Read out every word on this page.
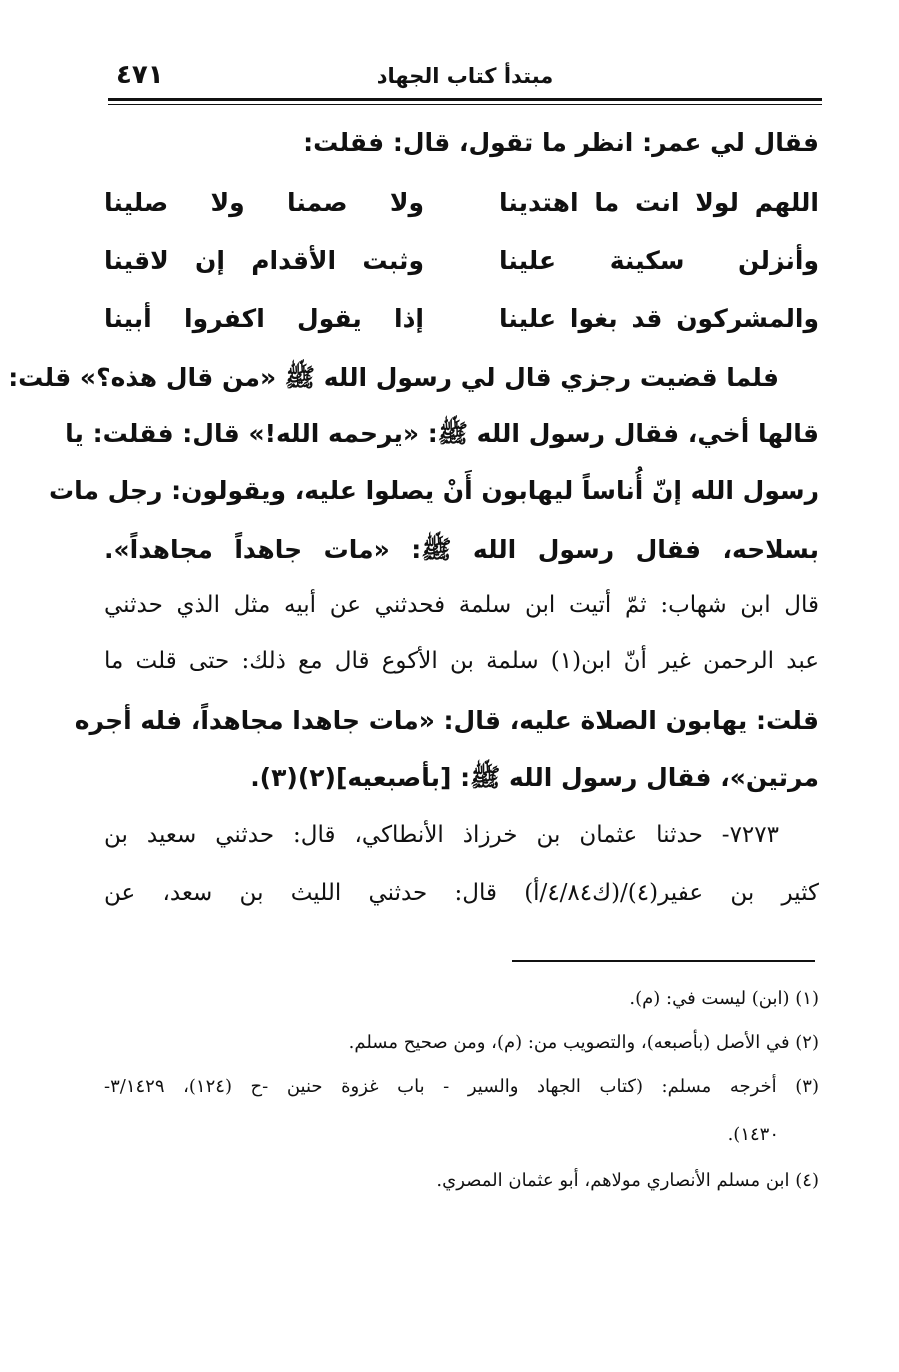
٤٧١	مبتدأ كتاب الجهاد
فقال لي عمر: انظر ما تقول، قال: فقلت:
اللهم لولا انت ما اهتدينا
ولا صمنا ولا صلينا
وأنزلن سكينة علينا
وثبت الأقدام إن لاقينا
والمشركون قد بغوا علينا
إذا يقول اكفروا أبينا
فلما قضيت رجزي قال لي رسول الله ﷺ «من قال هذه؟» قلت:
قالها أخي، فقال رسول الله ﷺ: «يرحمه الله!» قال: فقلت: يا
رسول الله إنّ أُناساً ليهابون أَنْ يصلوا عليه، ويقولون: رجل مات
بسلاحه، فقال رسول الله ﷺ: «مات جاهداً مجاهداً».
قال ابن شهاب: ثمّ أتيت ابن سلمة فحدثني عن أبيه مثل الذي حدثني
عبد الرحمن غير أنّ ابن(١) سلمة بن الأكوع قال مع ذلك: حتى قلت ما
قلت: يهابون الصلاة عليه، قال: «مات جاهدا مجاهداً، فله أجره
مرتين»، فقال رسول الله ﷺ: [بأصبعيه](٢)(٣).
٧٢٧٣- حدثنا عثمان بن خرزاذ الأنطاكي، قال: حدثني سعيد بن
كثير بن عفير(٤)/(ك٤/٨٤/أ) قال: حدثني الليث بن سعد، عن
(١) (ابن) ليست في: (م).
(٢) في الأصل (بأصبعه)، والتصويب من: (م)، ومن صحيح مسلم.
(٣) أخرجه مسلم: (كتاب الجهاد والسير - باب غزوة حنين -ح (١٢٤)، ٣/١٤٢٩-
١٤٣٠).
(٤) ابن مسلم الأنصاري مولاهم، أبو عثمان المصري.
